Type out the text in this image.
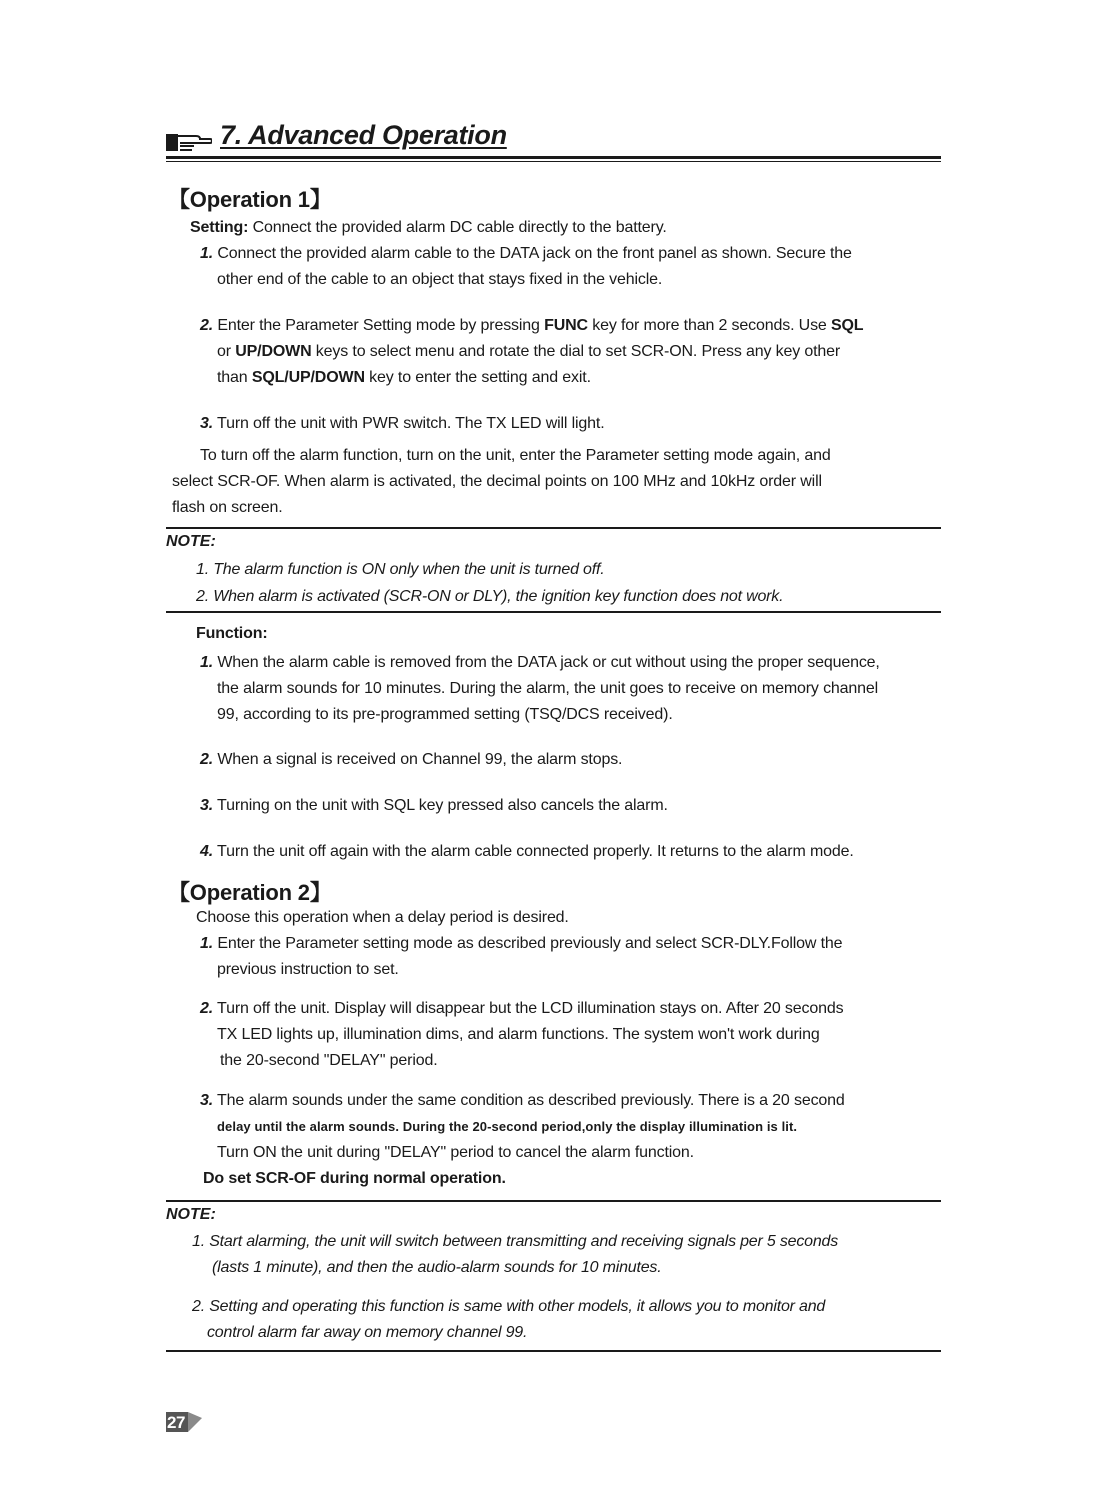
7. Advanced Operation
【Operation 1】
Setting: Connect the provided alarm DC cable directly to the battery.
1. Connect the provided alarm cable to the DATA jack on the front panel as shown. Secure the
other end of the cable to an object that stays fixed in the vehicle.
2. Enter the Parameter Setting mode by pressing FUNC key for more than 2 seconds. Use SQL
or UP/DOWN keys to select menu and rotate the dial to set SCR-ON. Press any key other
than SQL/UP/DOWN key to enter the setting and exit.
3. Turn off the unit with PWR switch. The TX LED will light.
To turn off the alarm function, turn on the unit, enter the Parameter setting mode again, and
select SCR-OF. When alarm is activated, the decimal points on 100 MHz and 10kHz order will
flash on screen.
NOTE:
1. The alarm function is ON only when the unit is turned off.
2. When alarm is activated (SCR-ON or DLY), the ignition key function does not work.
Function:
1. When the alarm cable is removed from the DATA jack or cut without using the proper sequence,
the alarm sounds for 10 minutes. During the alarm, the unit goes to receive on memory channel
99, according to its pre-programmed setting (TSQ/DCS received).
2. When a signal is received on Channel 99, the alarm stops.
3. Turning on the unit with SQL key pressed also cancels the alarm.
4. Turn the unit off again with the alarm cable connected properly. It returns to the alarm mode.
【Operation 2】
Choose this operation when a delay period is desired.
1. Enter the Parameter setting mode as described previously and select SCR-DLY.Follow the
previous instruction to set.
2. Turn off the unit. Display will disappear but the LCD illumination stays on. After 20 seconds
TX LED lights up, illumination dims, and alarm functions. The system won't work during
the 20-second "DELAY" period.
3. The alarm sounds under the same condition as described previously. There is a 20 second
delay until the alarm sounds. During the 20-second period,only the display illumination is lit.
Turn ON the unit during "DELAY" period to cancel the alarm function.
Do set SCR-OF during normal operation.
NOTE:
1. Start alarming, the unit will switch between transmitting and receiving signals per 5 seconds
(lasts 1 minute), and then the audio-alarm sounds for 10 minutes.
2. Setting and operating this function is same with other models, it allows you to monitor and
control alarm far away on memory channel 99.
27
